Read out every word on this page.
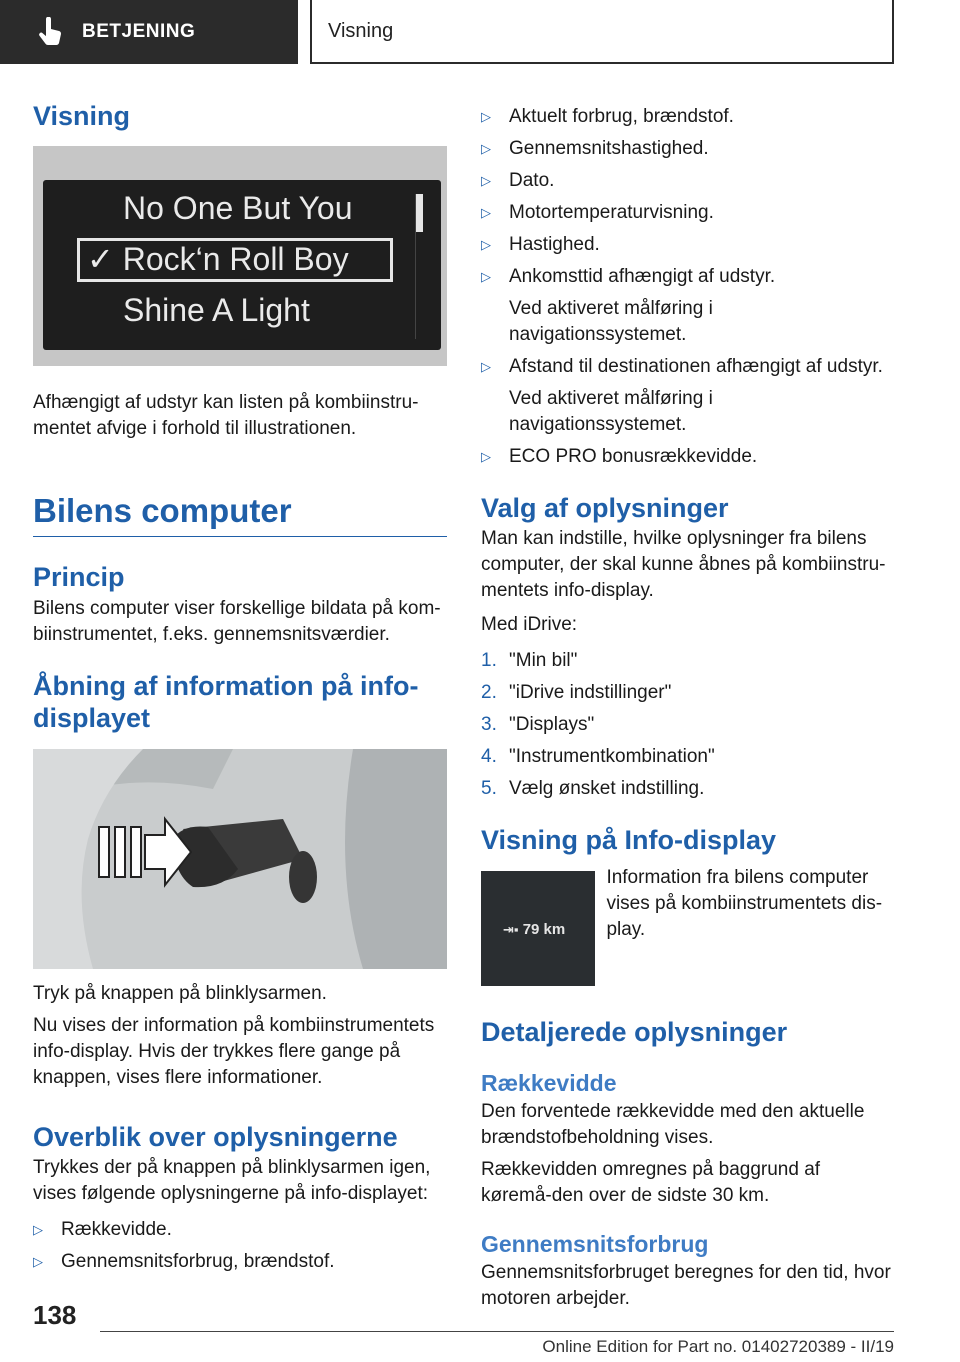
BETJENING	Visning
Visning
No One But You
✓ Rock‘n Roll Boy
Shine A Light

Afhængigt af udstyr kan listen på kombiinstru-mentet afvige i forhold til illustrationen.

Bilens computer
Princip

Bilens computer viser forskellige bildata på kom-biinstrumentet, f.eks. gennemsnitsværdier.

Åbning af information på info-displayet

Tryk på knappen på blinklysarmen.

Nu vises der information på kombiinstrumentets info-display. Hvis der trykkes flere gange på knappen, vises flere informationer.

Overblik over oplysningerne

Trykkes der på knappen på blinklysarmen igen, vises følgende oplysningerne på info-displayet:

▷ Rækkevidde.
▷ Gennemsnitsforbrug, brændstof.
▷ Aktuelt forbrug, brændstof.
▷ Gennemsnitshastighed.
▷ Dato.
▷ Motortemperaturvisning.
▷ Hastighed.
▷ Ankomsttid afhængigt af udstyr.
Ved aktiveret målføring i navigationssystemet.
▷ Afstand til destinationen afhængigt af udstyr.
Ved aktiveret målføring i navigationssystemet.
▷ ECO PRO bonusrækkevidde.
Valg af oplysninger

Man kan indstille, hvilke oplysninger fra bilens computer, der skal kunne åbnes på kombiinstru-mentets info-display.

Med iDrive:

1. "Min bil"
2. "iDrive indstillinger"
3. "Displays"
4. "Instrumentkombination"
5. Vælg ønsket indstilling.
Visning på Info-display
⇥▪ 79 km

Information fra bilens computer vises på kombiinstrumentets dis-play.

Detaljerede oplysninger
Rækkevidde

Den forventede rækkevidde med den aktuelle brændstofbeholdning vises.

Rækkevidden omregnes på baggrund af køremå-den over de sidste 30 km.

Gennemsnitsforbrug

Gennemsnitsforbruget beregnes for den tid, hvor motoren arbejder.

138
Online Edition for Part no. 01402720389 - II/19
